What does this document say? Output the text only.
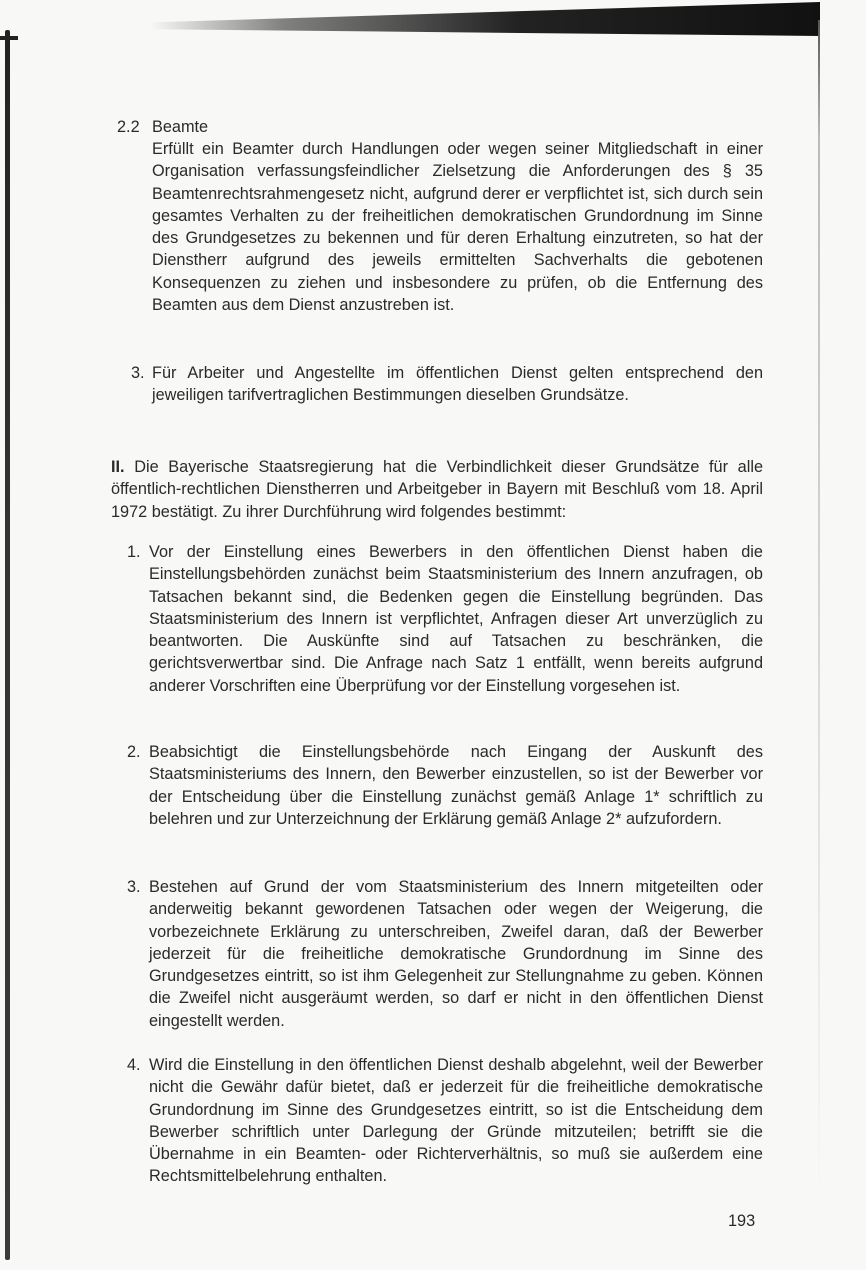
2.2 Beamte

Erfüllt ein Beamter durch Handlungen oder wegen seiner Mitgliedschaft in einer Organisation verfassungsfeindlicher Zielsetzung die Anforderungen des § 35 Beamtenrechtsrahmengesetz nicht, aufgrund derer er verpflichtet ist, sich durch sein gesamtes Verhalten zu der freiheitlichen demokratischen Grundordnung im Sinne des Grundgesetzes zu bekennen und für deren Erhaltung einzutreten, so hat der Dienstherr aufgrund des jeweils ermittelten Sachverhalts die gebotenen Konsequenzen zu ziehen und insbesondere zu prüfen, ob die Entfernung des Beamten aus dem Dienst anzustreben ist.

3. Für Arbeiter und Angestellte im öffentlichen Dienst gelten entsprechend den jeweiligen tarifvertraglichen Bestimmungen dieselben Grundsätze.

II. Die Bayerische Staatsregierung hat die Verbindlichkeit dieser Grundsätze für alle öffentlich-rechtlichen Dienstherren und Arbeitgeber in Bayern mit Beschluß vom 18. April 1972 bestätigt. Zu ihrer Durchführung wird folgendes bestimmt:

1. Vor der Einstellung eines Bewerbers in den öffentlichen Dienst haben die Einstellungsbehörden zunächst beim Staatsministerium des Innern anzufragen, ob Tatsachen bekannt sind, die Bedenken gegen die Einstellung begründen. Das Staatsministerium des Innern ist verpflichtet, Anfragen dieser Art unverzüglich zu beantworten. Die Auskünfte sind auf Tatsachen zu beschränken, die gerichtsverwertbar sind. Die Anfrage nach Satz 1 entfällt, wenn bereits aufgrund anderer Vorschriften eine Überprüfung vor der Einstellung vorgesehen ist.

2. Beabsichtigt die Einstellungsbehörde nach Eingang der Auskunft des Staatsministeriums des Innern, den Bewerber einzustellen, so ist der Bewerber vor der Entscheidung über die Einstellung zunächst gemäß Anlage 1* schriftlich zu belehren und zur Unterzeichnung der Erklärung gemäß Anlage 2* aufzufordern.

3. Bestehen auf Grund der vom Staatsministerium des Innern mitgeteilten oder anderweitig bekannt gewordenen Tatsachen oder wegen der Weigerung, die vorbezeichnete Erklärung zu unterschreiben, Zweifel daran, daß der Bewerber jederzeit für die freiheitliche demokratische Grundordnung im Sinne des Grundgesetzes eintritt, so ist ihm Gelegenheit zur Stellungnahme zu geben. Können die Zweifel nicht ausgeräumt werden, so darf er nicht in den öffentlichen Dienst eingestellt werden.

4. Wird die Einstellung in den öffentlichen Dienst deshalb abgelehnt, weil der Bewerber nicht die Gewähr dafür bietet, daß er jederzeit für die freiheitliche demokratische Grundordnung im Sinne des Grundgesetzes eintritt, so ist die Entscheidung dem Bewerber schriftlich unter Darlegung der Gründe mitzuteilen; betrifft sie die Übernahme in ein Beamten- oder Richterverhältnis, so muß sie außerdem eine Rechtsmittelbelehrung enthalten.

193
